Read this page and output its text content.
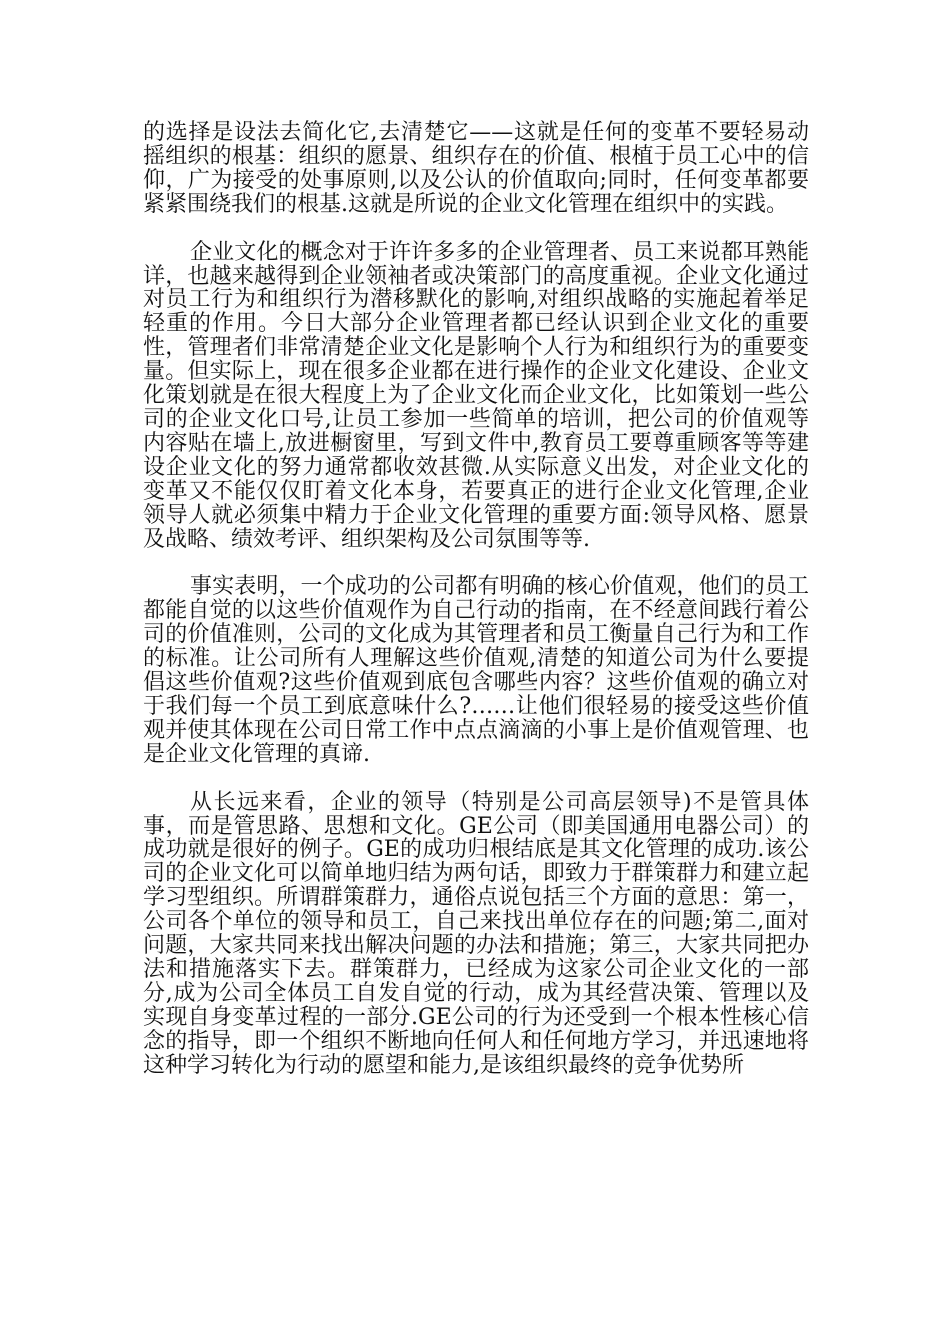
的选择是设法去简化它,去清楚它——这就是任何的变革不要轻易动摇组织的根基：组织的愿景、组织存在的价值、根植于员工心中的信仰，广为接受的处事原则,以及公认的价值取向;同时，任何变革都要紧紧围绕我们的根基.这就是所说的企业文化管理在组织中的实践。

企业文化的概念对于许许多多的企业管理者、员工来说都耳熟能详，也越来越得到企业领袖者或决策部门的高度重视。企业文化通过对员工行为和组织行为潜移默化的影响,对组织战略的实施起着举足轻重的作用。今日大部分企业管理者都已经认识到企业文化的重要性，管理者们非常清楚企业文化是影响个人行为和组织行为的重要变量。但实际上，现在很多企业都在进行操作的企业文化建设、企业文化策划就是在很大程度上为了企业文化而企业文化，比如策划一些公司的企业文化口号,让员工参加一些简单的培训，把公司的价值观等内容贴在墙上,放进橱窗里，写到文件中,教育员工要尊重顾客等等建设企业文化的努力通常都收效甚微.从实际意义出发，对企业文化的变革又不能仅仅盯着文化本身，若要真正的进行企业文化管理,企业领导人就必须集中精力于企业文化管理的重要方面:领导风格、愿景及战略、绩效考评、组织架构及公司氛围等等.

事实表明，一个成功的公司都有明确的核心价值观，他们的员工都能自觉的以这些价值观作为自己行动的指南，在不经意间践行着公司的价值准则，公司的文化成为其管理者和员工衡量自己行为和工作的标准。让公司所有人理解这些价值观,清楚的知道公司为什么要提倡这些价值观?这些价值观到底包含哪些内容？这些价值观的确立对于我们每一个员工到底意味什么?……让他们很轻易的接受这些价值观并使其体现在公司日常工作中点点滴滴的小事上是价值观管理、也是企业文化管理的真谛.

从长远来看，企业的领导（特别是公司高层领导)不是管具体事，而是管思路、思想和文化。GE公司（即美国通用电器公司）的成功就是很好的例子。GE的成功归根结底是其文化管理的成功.该公司的企业文化可以简单地归结为两句话，即致力于群策群力和建立起学习型组织。所谓群策群力，通俗点说包括三个方面的意思：第一，公司各个单位的领导和员工，自己来找出单位存在的问题;第二,面对问题，大家共同来找出解决问题的办法和措施；第三，大家共同把办法和措施落实下去。群策群力，已经成为这家公司企业文化的一部分,成为公司全体员工自发自觉的行动，成为其经营决策、管理以及实现自身变革过程的一部分.GE公司的行为还受到一个根本性核心信念的指导，即一个组织不断地向任何人和任何地方学习，并迅速地将这种学习转化为行动的愿望和能力,是该组织最终的竞争优势所
